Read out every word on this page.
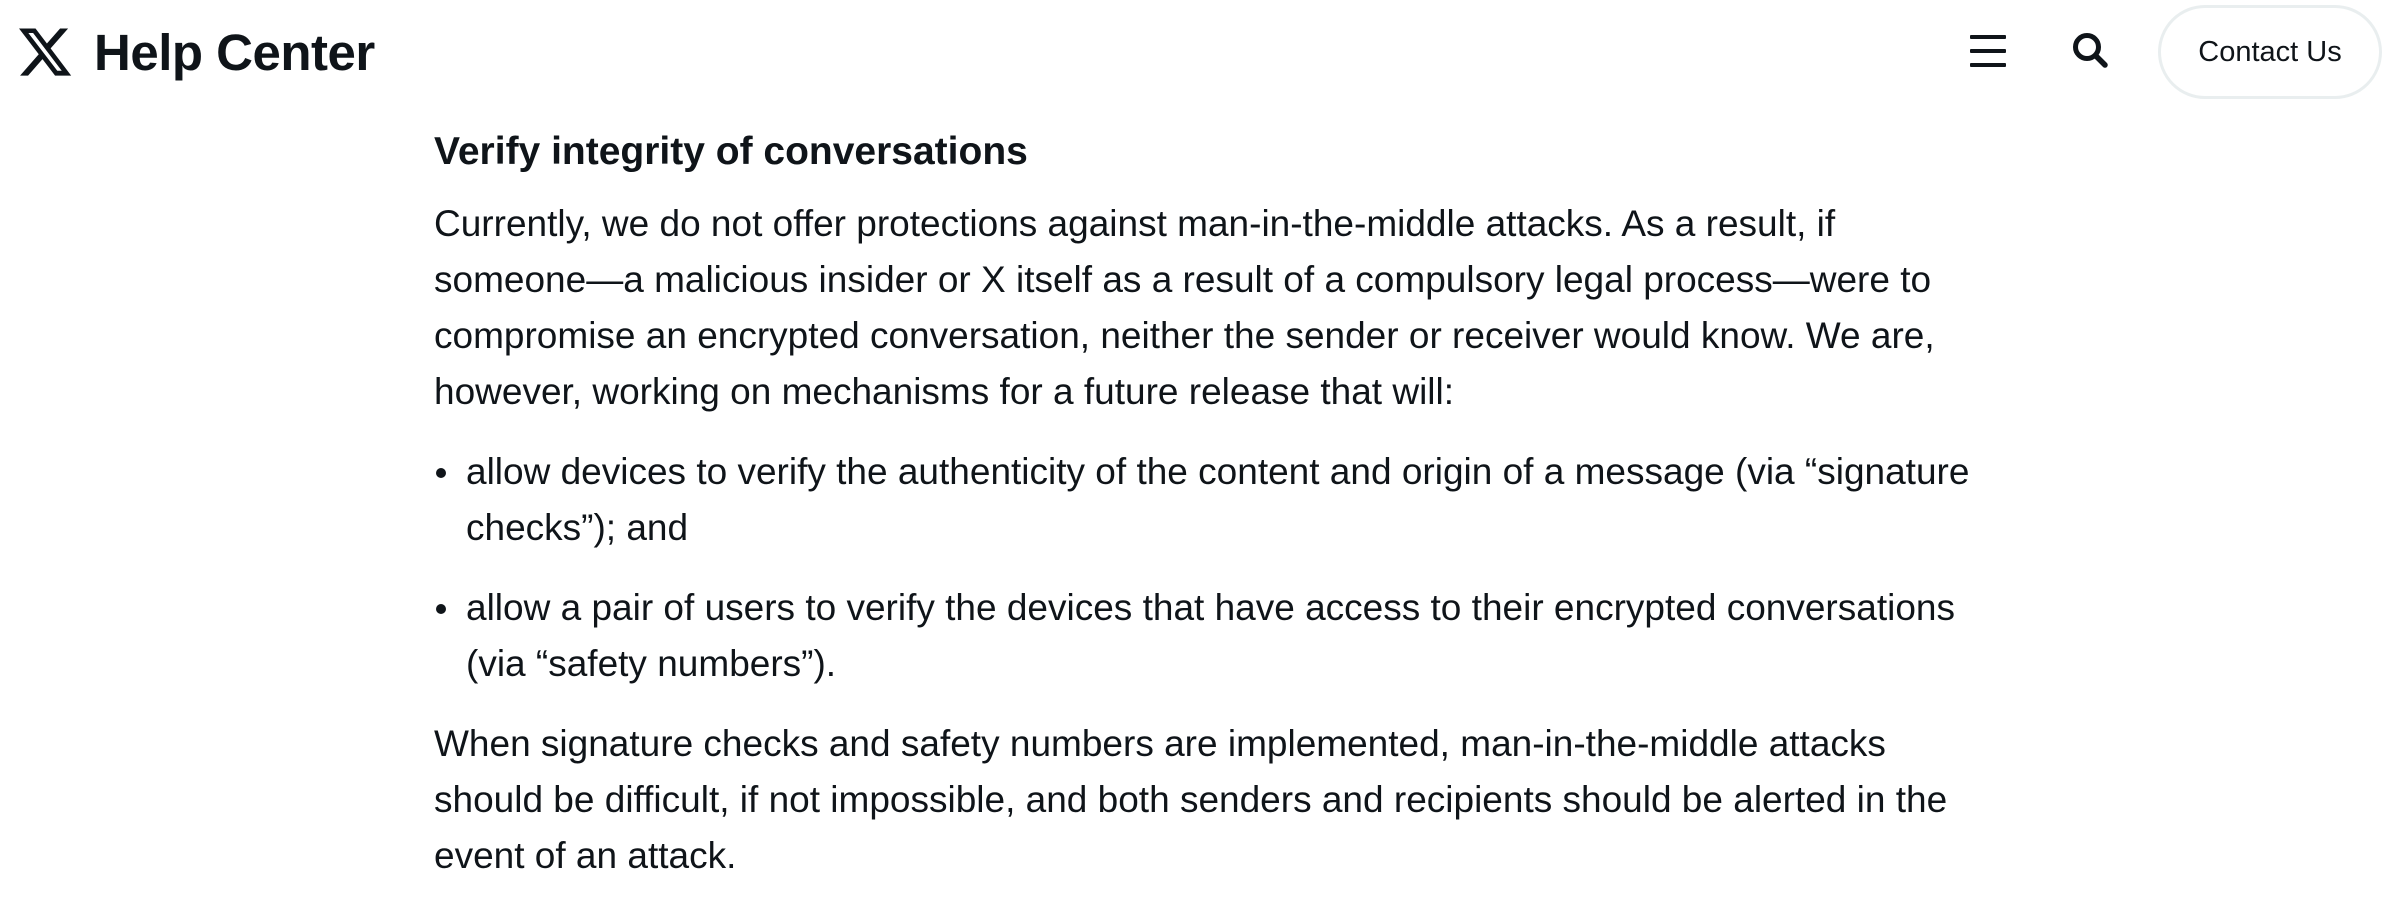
Help Center	Contact Us
Verify integrity of conversations

Currently, we do not offer protections against man-in-the-middle attacks. As a result, if someone—a malicious insider or X itself as a result of a compulsory legal process—were to compromise an encrypted conversation, neither the sender or receiver would know. We are, however, working on mechanisms for a future release that will:

allow devices to verify the authenticity of the content and origin of a message (via “signature checks”); and
allow a pair of users to verify the devices that have access to their encrypted conversations (via “safety numbers”).

When signature checks and safety numbers are implemented, man-in-the-middle attacks should be difficult, if not impossible, and both senders and recipients should be alerted in the event of an attack.
